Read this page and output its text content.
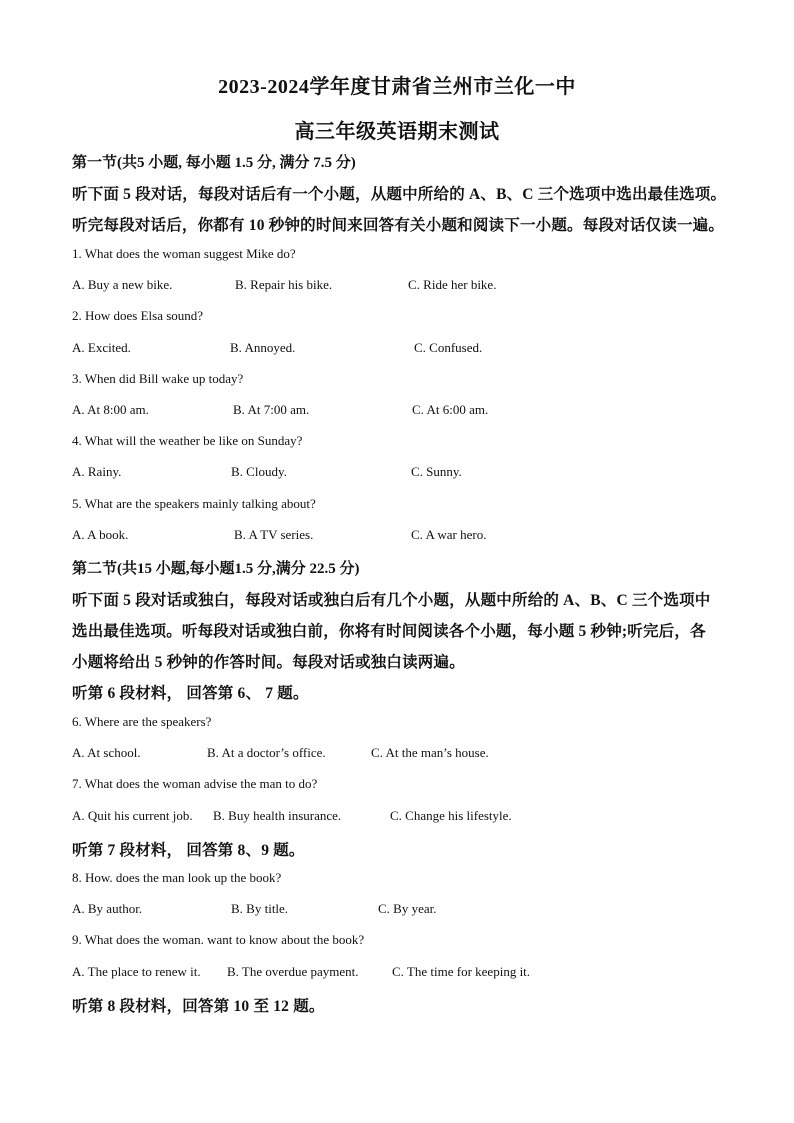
2023-2024学年度甘肃省兰州市兰化一中
高三年级英语期末测试
第一节(共5 小题, 每小题 1.5 分, 满分 7.5 分)
听下面 5 段对话，每段对话后有一个小题，从题中所给的 A、B、C 三个选项中选出最佳选项。
听完每段对话后，你都有 10 秒钟的时间来回答有关小题和阅读下一小题。每段对话仅读一遍。
1. What does the woman suggest Mike do?
A. Buy a new bike.	B. Repair his bike.	C. Ride her bike.
2. How does Elsa sound?
A. Excited.	B. Annoyed.	C. Confused.
3. When did Bill wake up today?
A. At 8:00 am.	B. At 7:00 am.	C. At 6:00 am.
4. What will the weather be like on Sunday?
A. Rainy.	B. Cloudy.	C. Sunny.
5. What are the speakers mainly talking about?
A. A book.	B. A TV series.	C. A war hero.
第二节(共15 小题,每小题1.5 分,满分 22.5 分)
听下面 5 段对话或独白，每段对话或独白后有几个小题，从题中所给的 A、B、C 三个选项中
选出最佳选项。听每段对话或独白前，你将有时间阅读各个小题，每小题 5 秒钟;听完后，各
小题将给出 5 秒钟的作答时间。每段对话或独白读两遍。
听第 6 段材料， 回答第 6、 7 题。
6. Where are the speakers?
A. At school.	B. At a doctor’s office.	C. At the man’s house.
7. What does the woman advise the man to do?
A. Quit his current job. B. Buy health insurance.	C. Change his lifestyle.
听第 7 段材料， 回答第 8、9 题。
8. How. does the man look up the book?
A. By author.	B. By title.	C. By year.
9. What does the woman. want to know about the book?
A. The place to renew it. B. The overdue payment.	C. The time for keeping it.
听第 8 段材料，回答第 10 至 12 题。
